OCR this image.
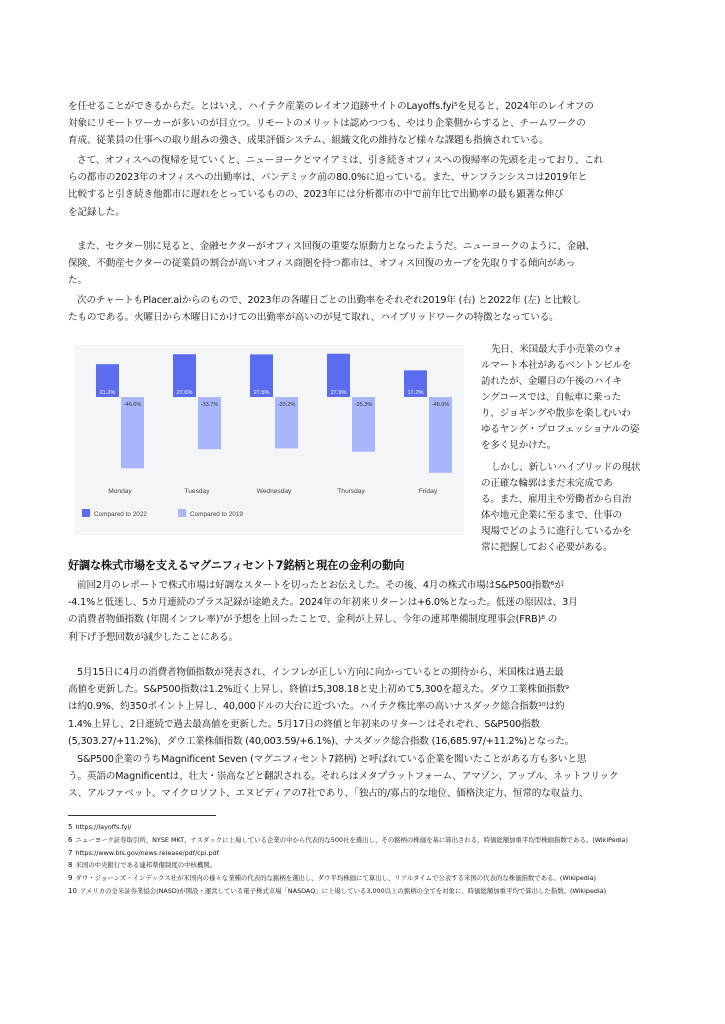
を任せることができるからだ。とはいえ、ハイテク産業のレイオフ追跡サイトのLayoffs.fyi⁵を見ると、2024年のレイオフの
対象にリモートワーカーが多いのが目立つ。リモートのメリットは認めつつも、やはり企業側からすると、チームワークの
育成、従業員の仕事への取り組みの強さ、成果評価システム、組織文化の維持など様々な課題も指摘されている。

さて、オフィスへの復帰を見ていくと、ニューヨークとマイアミは、引き続きオフィスへの復帰率の先頭を走っており、これ
らの都市の2023年のオフィスへの出勤率は、パンデミック前の80.0%に迫っている。また、サンフランシスコは2019年と
比較すると引き続き他都市に遅れをとっているものの、2023年には分析都市の中で前年比で出勤率の最も顕著な伸び
を記録した。

また、セクター別に見ると、金融セクターがオフィス回復の重要な原動力となったようだ。ニューヨークのように、金融、
保険、不動産セクターの従業員の割合が高いオフィス商圏を持つ都市は、オフィス回復のカーブを先取りする傾向があっ
た。

次のチャートもPlacer.aiからのもので、2023年の各曜日ごとの出勤率をそれぞれ2019年 (右) と2022年 (左) と比較し
たものである。火曜日から木曜日にかけての出勤率が高いのが見て取れ、ハイブリッドワークの特徴となっている。

21.2%
-46.0%
Monday
27.6%
-33.7%
Tuesday
27.5%
-33.2%
Wednesday
27.9%
-35.3%
Thursday
17.2%
-48.9%
Friday
Compared to 2022	Compared to 2019

先日、米国最大手小売業のウォ
ルマート本社があるベントンビルを
訪れたが、金曜日の午後のハイキ
ングコースでは、自転車に乗った
り、ジョギングや散歩を楽しむいわ
ゆるヤング・プロフェッショナルの姿
を多く見かけた。

しかし、新しいハイブリッドの現状
の正確な輪郭はまだ未完成であ
る。また、雇用主や労働者から自治
体や地元企業に至るまで、仕事の
現場でどのように進行しているかを
常に把握しておく必要がある。

好調な株式市場を支えるマグニフィセント7銘柄と現在の金利の動向

前回2月のレポートで株式市場は好調なスタートを切ったとお伝えした。その後、4月の株式市場はS&P500指数⁶が
-4.1%と低迷し、5カ月連続のプラス記録が途絶えた。2024年の年初来リターンは+6.0%となった。低迷の原因は、3月
の消費者物価指数 (年間インフレ率)⁷が予想を上回ったことで、金利が上昇し、今年の連邦準備制度理事会(FRB)⁸ の
利下げ予想回数が減少したことにある。

5月15日に4月の消費者物価指数が発表され、インフレが正しい方向に向かっているとの期待から、米国株は過去最
高値を更新した。S&P500指数は1.2%近く上昇し、終値は5,308.18と史上初めて5,300を超えた。ダウ工業株価指数⁹
は約0.9%、約350ポイント上昇し、40,000ドルの大台に近づいた。ハイテク株比率の高いナスダック総合指数¹⁰は約
1.4%上昇し、2日連続で過去最高値を更新した。5月17日の終値と年初来のリターンはそれぞれ、S&P500指数
(5,303.27/+11.2%)、ダウ工業株価指数 (40,003.59/+6.1%)、ナスダック総合指数 (16,685.97/+11.2%)となった。

S&P500企業のうちMagnificent Seven (マグニフィセント7銘柄) と呼ばれている企業を聞いたことがある方も多いと思
う。英語のMagnificentは、壮大・崇高などと翻訳される。それらはメタプラットフォーム、アマゾン、アップル、ネットフリック
ス、アルファベット、マイクロソフト、エヌビディアの7社であり、「独占的/寡占的な地位、価格決定力、恒常的な収益力、

5 https://layoffs.fyi/

6 ニューヨーク証券取引所、NYSE MKT、ナスダックに上場している企業の中から代表的な500社を選出し、その銘柄の株価を基に算出される、時価総額加重平均型株価指数である。(WikiPedia)

7 https://www.bls.gov/news.release/pdf/cpi.pdf

8 米国の中央銀行である連邦準備制度の中核機関。

9 ダウ・ジョーンズ・インデックス社が米国内の様々な業種の代表的な銘柄を選出し、ダウ平均株価にて算出し、リアルタイムで公表する米国の代表的な株価指数である。(Wikipedia)

10 アメリカの全米証券業協会(NASD)が開設・運営している電子株式市場「NASDAQ」に上場している3,000以上の銘柄の全てを対象に、時価総額加重平均で算出した指数。(Wikipedia)
